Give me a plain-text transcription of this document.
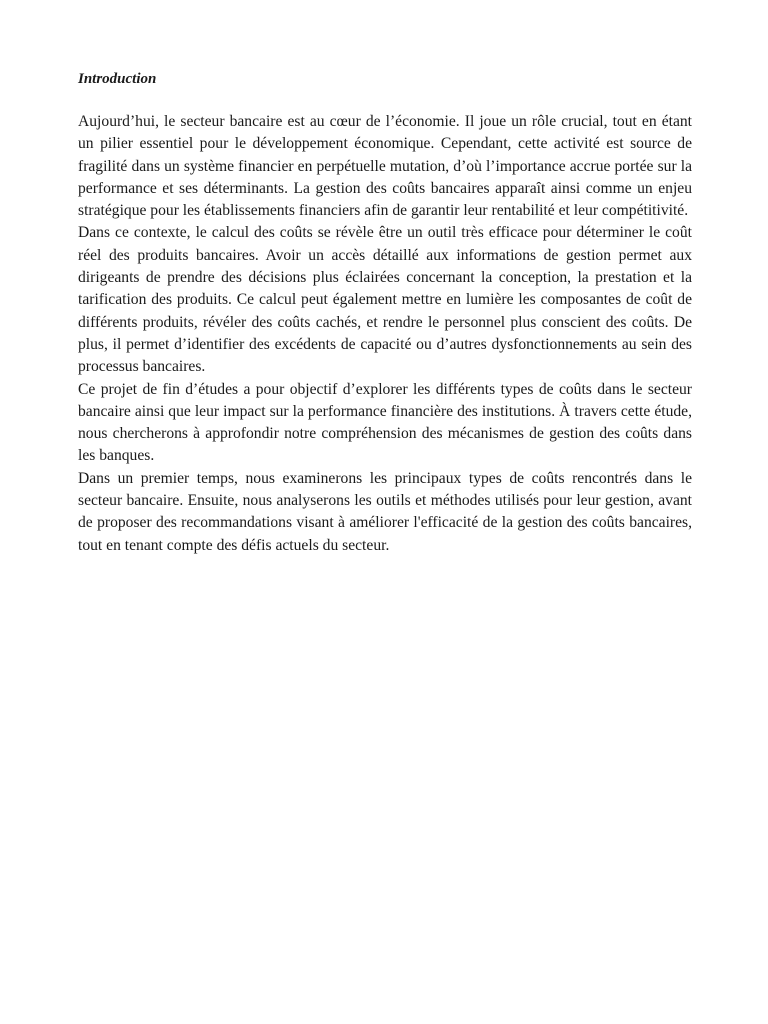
Introduction

Aujourd’hui, le secteur bancaire est au cœur de l’économie. Il joue un rôle crucial, tout en étant un pilier essentiel pour le développement économique. Cependant, cette activité est source de fragilité dans un système financier en perpétuelle mutation, d’où l’importance accrue portée sur la performance et ses déterminants. La gestion des coûts bancaires apparaît ainsi comme un enjeu stratégique pour les établissements financiers afin de garantir leur rentabilité et leur compétitivité.

Dans ce contexte, le calcul des coûts se révèle être un outil très efficace pour déterminer le coût réel des produits bancaires. Avoir un accès détaillé aux informations de gestion permet aux dirigeants de prendre des décisions plus éclairées concernant la conception, la prestation et la tarification des produits. Ce calcul peut également mettre en lumière les composantes de coût de différents produits, révéler des coûts cachés, et rendre le personnel plus conscient des coûts. De plus, il permet d’identifier des excédents de capacité ou d’autres dysfonctionnements au sein des processus bancaires.

Ce projet de fin d’études a pour objectif d’explorer les différents types de coûts dans le secteur bancaire ainsi que leur impact sur la performance financière des institutions. À travers cette étude, nous chercherons à approfondir notre compréhension des mécanismes de gestion des coûts dans les banques.

Dans un premier temps, nous examinerons les principaux types de coûts rencontrés dans le secteur bancaire. Ensuite, nous analyserons les outils et méthodes utilisés pour leur gestion, avant de proposer des recommandations visant à améliorer l'efficacité de la gestion des coûts bancaires, tout en tenant compte des défis actuels du secteur.
